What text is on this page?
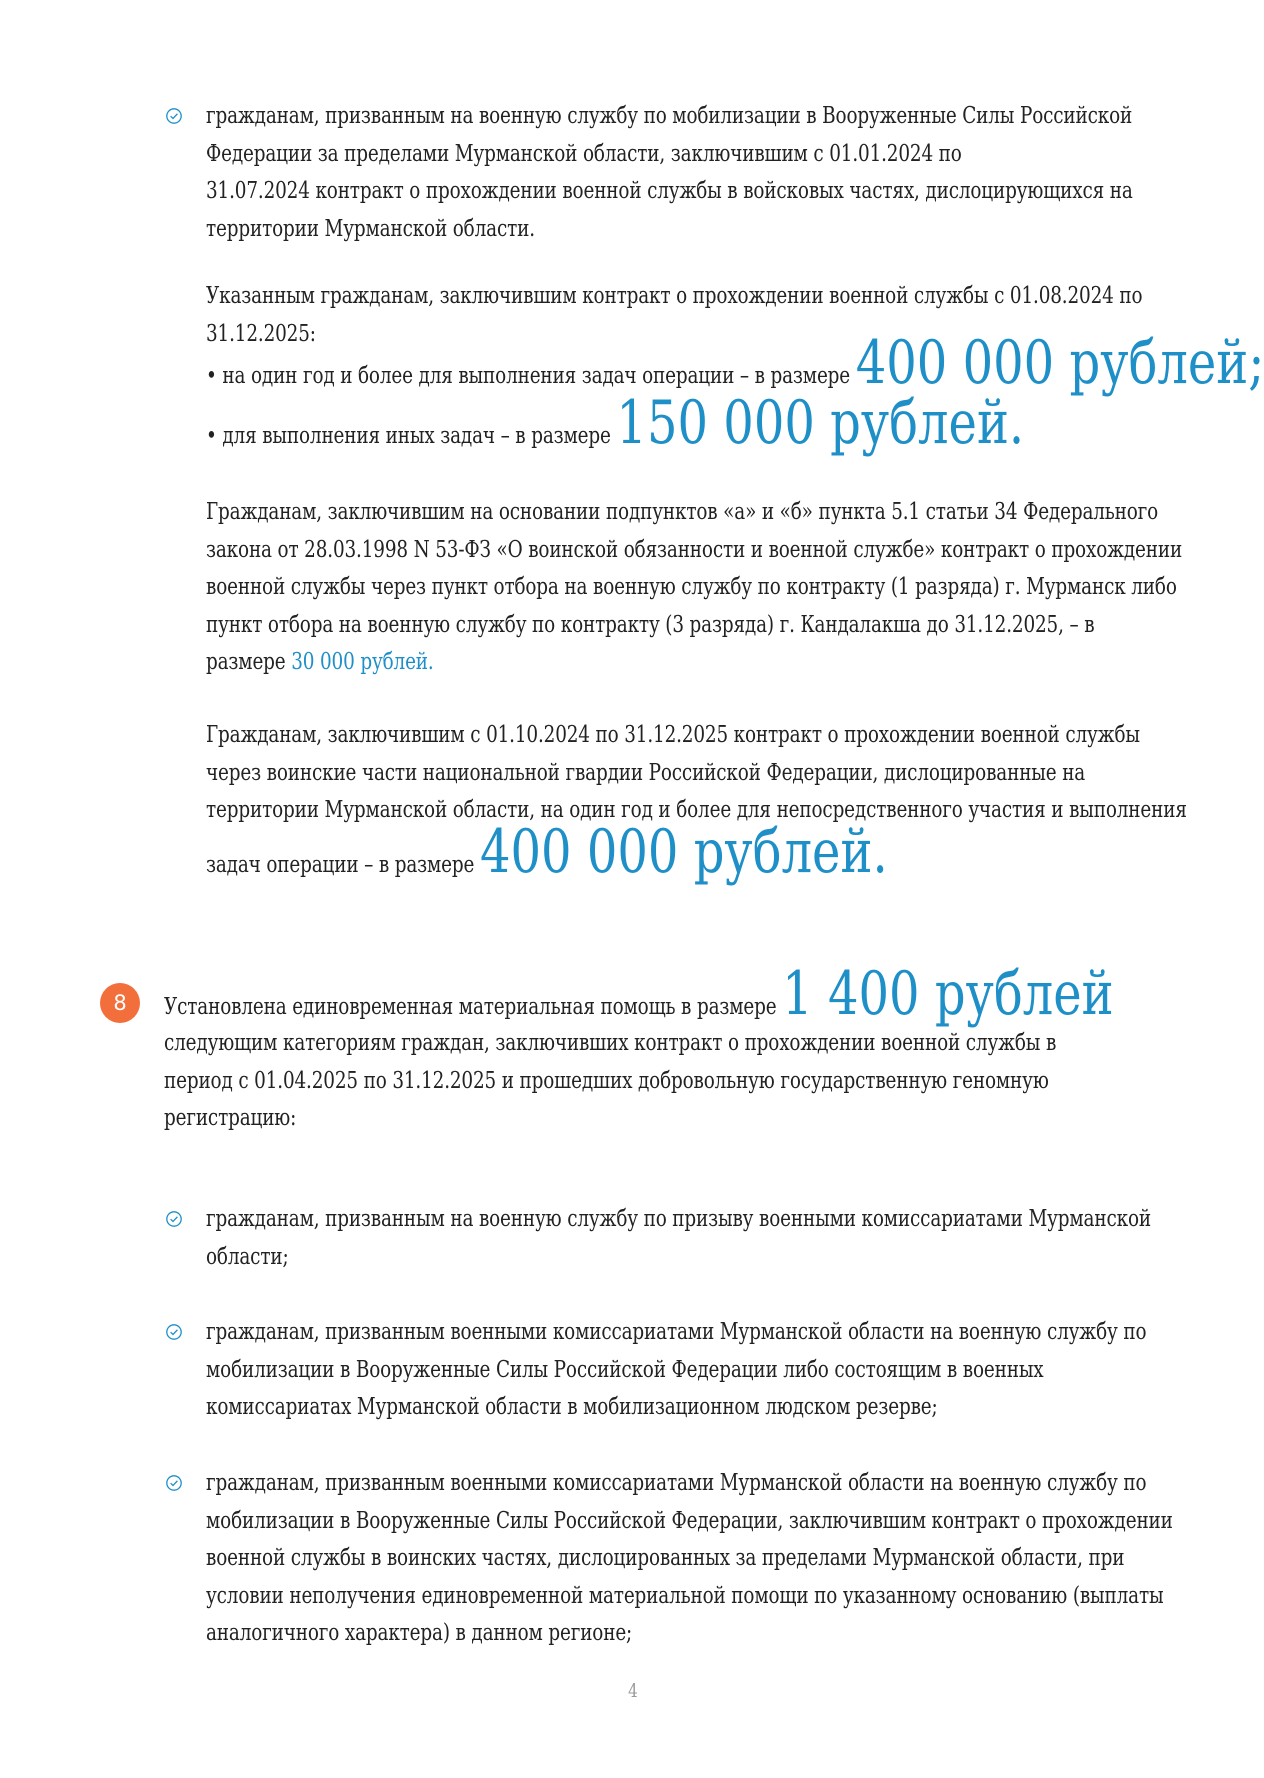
гражданам, призванным на военную службу по мобилизации в Вооруженные Силы Российской
Федерации за пределами Мурманской области, заключившим с 01.01.2024 по
31.07.2024 контракт о прохождении военной службы в войсковых частях, дислоцирующихся на
территории Мурманской области.
Указанным гражданам, заключившим контракт о прохождении военной службы с 01.08.2024 по
31.12.2025:
• на один год и более для выполнения задач операции – в размере 400 000 рублей;
• для выполнения иных задач – в размере 150 000 рублей.
Гражданам, заключившим на основании подпунктов «а» и «б» пункта 5.1 статьи 34 Федерального
закона от 28.03.1998 N 53-ФЗ «О воинской обязанности и военной службе» контракт о прохождении
военной службы через пункт отбора на военную службу по контракту (1 разряда) г. Мурманск либо
пункт отбора на военную службу по контракту (3 разряда) г. Кандалакша до 31.12.2025, – в
размере 30 000 рублей.
Гражданам, заключившим с 01.10.2024 по 31.12.2025 контракт о прохождении военной службы
через воинские части национальной гвардии Российской Федерации, дислоцированные на
территории Мурманской области, на один год и более для непосредственного участия и выполнения
задач операции – в размере 400 000 рублей.
8	Установлена единовременная материальная помощь в размере 1 400 рублей
следующим категориям граждан, заключивших контракт о прохождении военной службы в
период с 01.04.2025 по 31.12.2025 и прошедших добровольную государственную геномную
регистрацию:
гражданам, призванным на военную службу по призыву военными комиссариатами Мурманской
области;
гражданам, призванным военными комиссариатами Мурманской области на военную службу по
мобилизации в Вооруженные Силы Российской Федерации либо состоящим в военных
комиссариатах Мурманской области в мобилизационном людском резерве;
гражданам, призванным военными комиссариатами Мурманской области на военную службу по
мобилизации в Вооруженные Силы Российской Федерации, заключившим контракт о прохождении
военной службы в воинских частях, дислоцированных за пределами Мурманской области, при
условии неполучения единовременной материальной помощи по указанному основанию (выплаты
аналогичного характера) в данном регионе;
4
